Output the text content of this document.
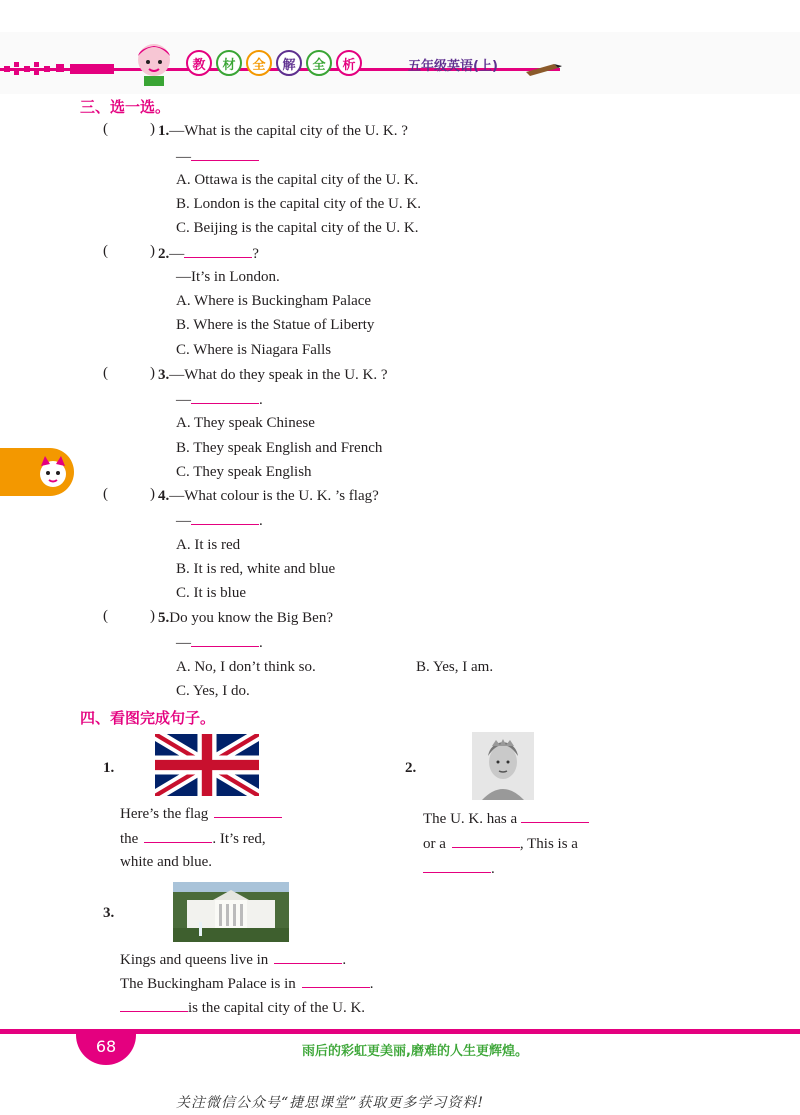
教	材	全	解	全	析	五年级英语(上)
三、选一选。
(	) 1.—What is the capital city of the U. K. ?
—
A. Ottawa is the capital city of the U. K.
B. London is the capital city of the U. K.
C. Beijing is the capital city of the U. K.
(	) 2.—	?
—It’s in London.
A. Where is Buckingham Palace
B. Where is the Statue of Liberty
C. Where is Niagara Falls
(	) 3.—What do they speak in the U. K. ?
—	.
A. They speak Chinese
B. They speak English and French
C. They speak English
(	) 4.—What colour is the U. K. ’s flag?
—	.
A. It is red
B. It is red, white and blue
C. It is blue
(	) 5.Do you know the Big Ben?
—	.
A. No, I don’t think so.	B. Yes, I am.
C. Yes, I do.
四、看图完成句子。
1.
Here’s the flag
the	. It’s red,
white and blue.
2.
The U. K. has a
or a	, This is a
.
3.
Kings and queens live in	.
The Buckingham Palace is in	.
is the capital city of the U. K.
68	雨后的彩虹更美丽,磨难的人生更辉煌。
关注微信公众号“捷思课堂”获取更多学习资料!
